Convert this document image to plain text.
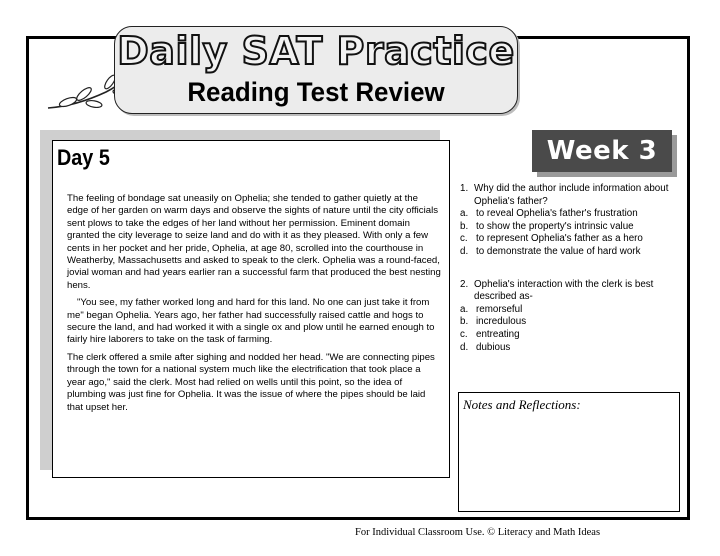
Daily SAT Practice
Reading Test Review
Day 5

The feeling of bondage sat uneasily on Ophelia; she tended to gather quietly at the edge of her garden on warm days and observe the sights of nature until the city officials sent plows to take the edges of her land without her permission. Eminent domain granted the city leverage to seize land and do with it as they pleased. With only a few cents in her pocket and her pride, Ophelia, at age 80, scrolled into the courthouse in Weatherby, Massachusetts and asked to speak to the clerk. Ophelia was a round-faced, jovial woman and had years earlier ran a successful farm that produced the best nesting hens.

"You see, my father worked long and hard for this land. No one can just take it from me" began Ophelia. Years ago, her father had successfully raised cattle and hogs to secure the land, and had worked it with a single ox and plow until he earned enough to fairly hire laborers to take on the task of farming.

The clerk offered a smile after sighing and nodded her head. "We are connecting pipes through the town for a national system much like the electrification that took place a year ago," said the clerk. Most had relied on wells until this point, so the idea of plumbing was just fine for Ophelia. It was the issue of where the pipes should be laid that upset her.

Week 3
1. Why did the author include information about Ophelia's father?
a. to reveal Ophelia's father's frustration
b. to show the property's intrinsic value
c. to represent Ophelia's father as a hero
d. to demonstrate the value of hard work
2. Ophelia's interaction with the clerk is best described as-
a. remorseful
b. incredulous
c. entreating
d. dubious
Notes and Reflections:
For Individual Classroom Use. © Literacy and Math Ideas
